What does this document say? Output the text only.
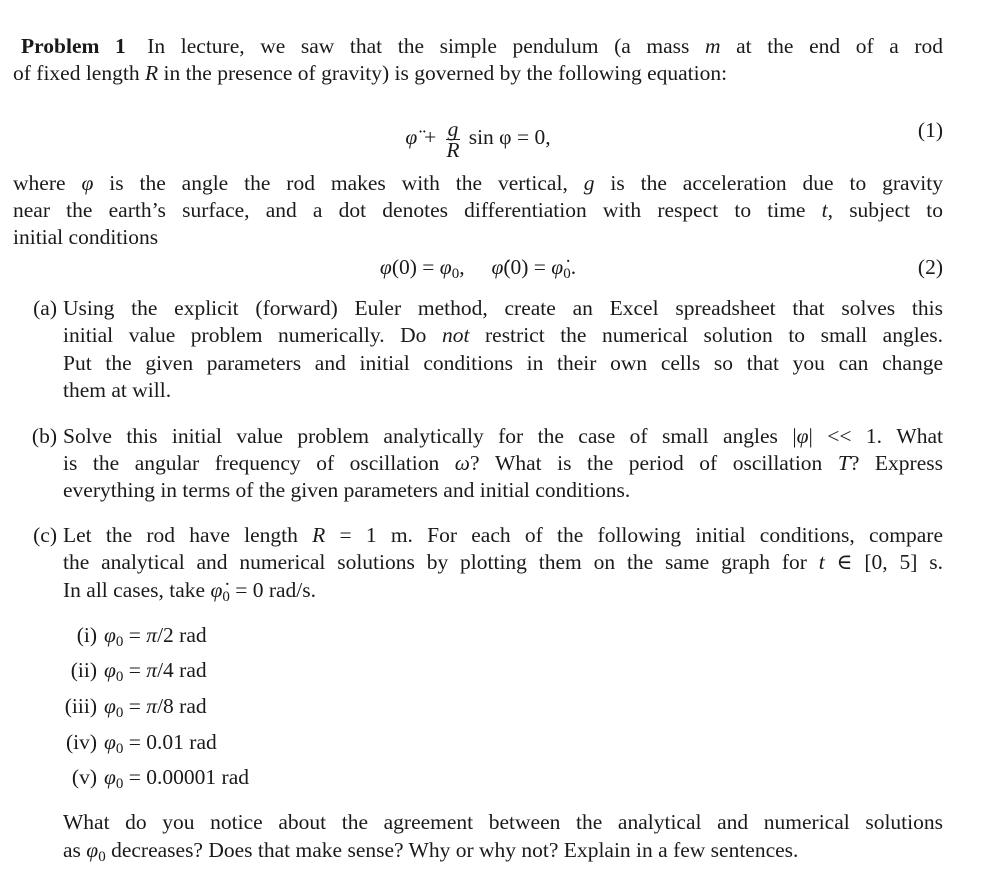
Problem 1  In lecture, we saw that the simple pendulum (a mass m at the end of a rod
of fixed length R in the presence of gravity) is governed by the following equation:
φ̈ + $\frac{g}{R}$ sin φ = 0,	(1)
where φ is the angle the rod makes with the vertical, g is the acceleration due to gravity
near the earth’s surface, and a dot denotes differentiation with respect to time t, subject to
initial conditions
φ(0) = φ0,     φ̇(0) = φ̇0.	(2)
(a) Using the explicit (forward) Euler method, create an Excel spreadsheet that solves this
initial value problem numerically. Do not restrict the numerical solution to small angles.
Put the given parameters and initial conditions in their own cells so that you can change
them at will.
(b) Solve this initial value problem analytically for the case of small angles |φ| << 1. What
is the angular frequency of oscillation ω? What is the period of oscillation T? Express
everything in terms of the given parameters and initial conditions.
(c) Let the rod have length R = 1 m. For each of the following initial conditions, compare
the analytical and numerical solutions by plotting them on the same graph for t ∈ [0, 5] s.
In all cases, take φ̇0 = 0 rad/s.
(i) φ0 = π/2 rad
(ii) φ0 = π/4 rad
(iii) φ0 = π/8 rad
(iv) φ0 = 0.01 rad
(v) φ0 = 0.00001 rad
What do you notice about the agreement between the analytical and numerical solutions
as φ0 decreases? Does that make sense? Why or why not? Explain in a few sentences.
